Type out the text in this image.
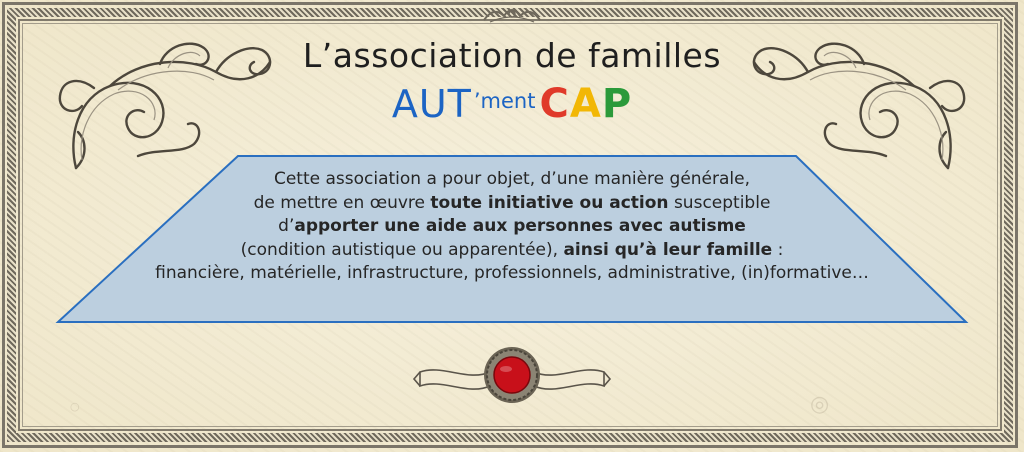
L’association de familles
AUT’ment CAP
Cette association a pour objet, d’une manière générale,
de mettre en œuvre toute initiative ou action susceptible
d’apporter une aide aux personnes avec autisme
(condition autistique ou apparentée), ainsi qu’à leur famille :
financière, matérielle, infrastructure, professionnels, administrative, (in)formative…
○	◎
